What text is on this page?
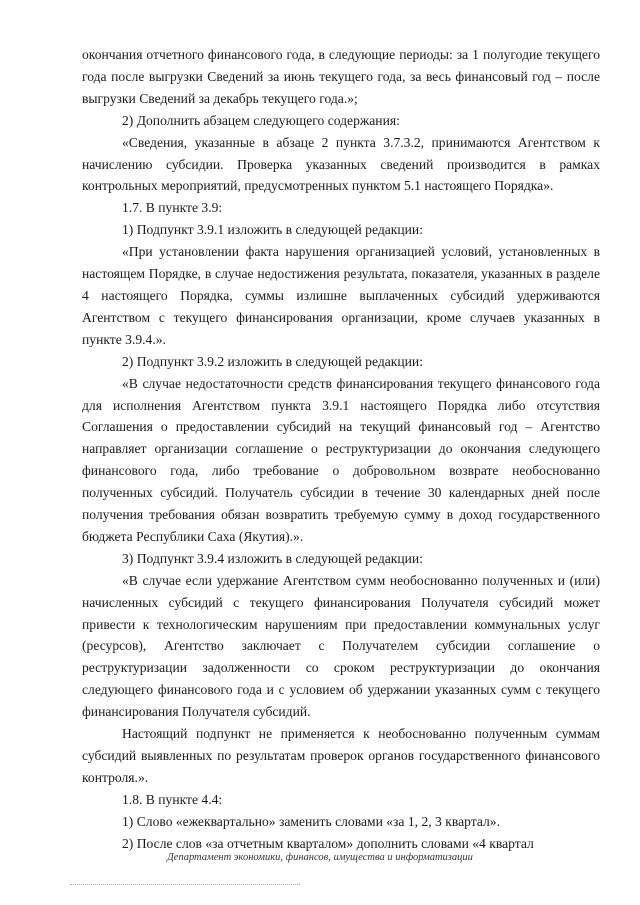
окончания отчетного финансового года, в следующие периоды: за 1 полугодие текущего года после выгрузки Сведений за июнь текущего года, за весь финансовый год – после выгрузки Сведений за декабрь текущего года.»;

2) Дополнить абзацем следующего содержания:

«Сведения, указанные в абзаце 2 пункта 3.7.3.2, принимаются Агентством к начислению субсидии. Проверка указанных сведений производится в рамках контрольных мероприятий, предусмотренных пунктом 5.1 настоящего Порядка».

1.7. В пункте 3.9:

1) Подпункт 3.9.1 изложить в следующей редакции:

«При установлении факта нарушения организацией условий, установленных в настоящем Порядке, в случае недостижения результата, показателя, указанных в разделе 4 настоящего Порядка, суммы излишне выплаченных субсидий удерживаются Агентством с текущего финансирования организации, кроме случаев указанных в пункте 3.9.4.».

2) Подпункт 3.9.2 изложить в следующей редакции:

«В случае недостаточности средств финансирования текущего финансового года для исполнения Агентством пункта 3.9.1 настоящего Порядка либо отсутствия Соглашения о предоставлении субсидий на текущий финансовый год – Агентство направляет организации соглашение о реструктуризации до окончания следующего финансового года, либо требование о добровольном возврате необоснованно полученных субсидий. Получатель субсидии в течение 30 календарных дней после получения требования обязан возвратить требуемую сумму в доход государственного бюджета Республики Саха (Якутия).».

3) Подпункт 3.9.4 изложить в следующей редакции:

«В случае если удержание Агентством сумм необоснованно полученных и (или) начисленных субсидий с текущего финансирования Получателя субсидий может привести к технологическим нарушениям при предоставлении коммунальных услуг (ресурсов), Агентство заключает с Получателем субсидии соглашение о реструктуризации задолженности со сроком реструктуризации до окончания следующего финансового года и с условием об удержании указанных сумм с текущего финансирования Получателя субсидий.

Настоящий подпункт не применяется к необоснованно полученным суммам субсидий выявленных по результатам проверок органов государственного финансового контроля.».

1.8. В пункте 4.4:

1) Слово «ежеквартально» заменить словами «за 1, 2, 3 квартал».

2) После слов «за отчетным кварталом» дополнить словами «4 квартал

Департамент экономики, финансов, имущества и информатизации
